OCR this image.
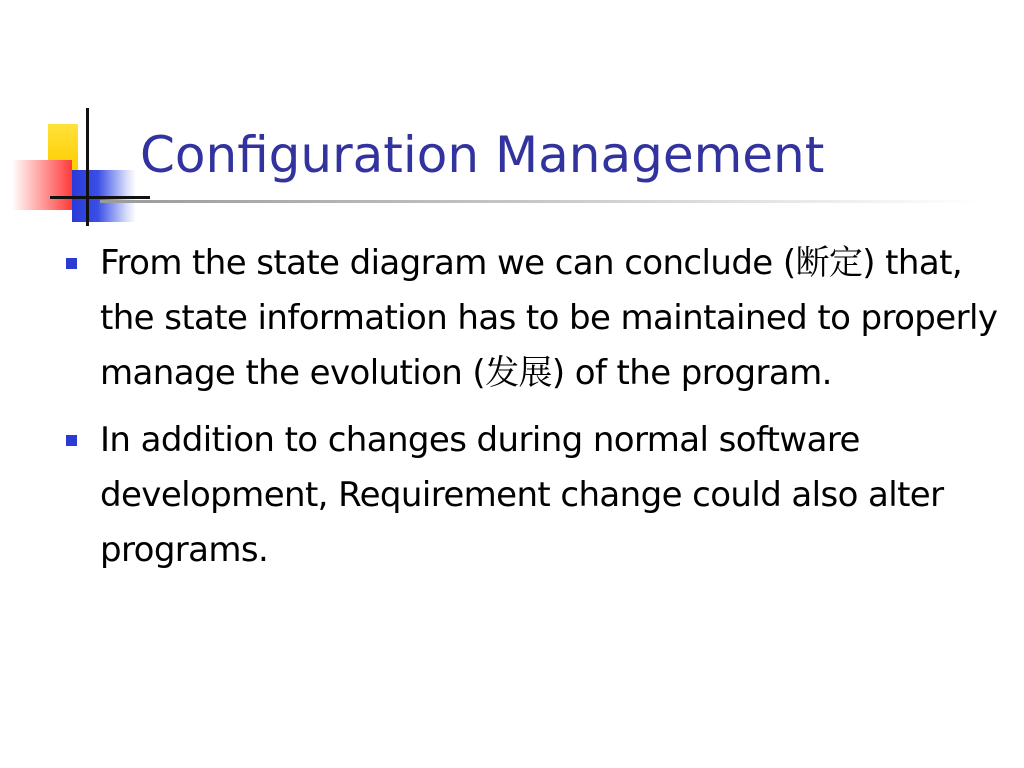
Configuration Management
From the state diagram we can conclude (断定) that, the state information has to be maintained to properly manage the evolution (发展) of the program.
In addition to changes during normal software development, Requirement change could also alter programs.
